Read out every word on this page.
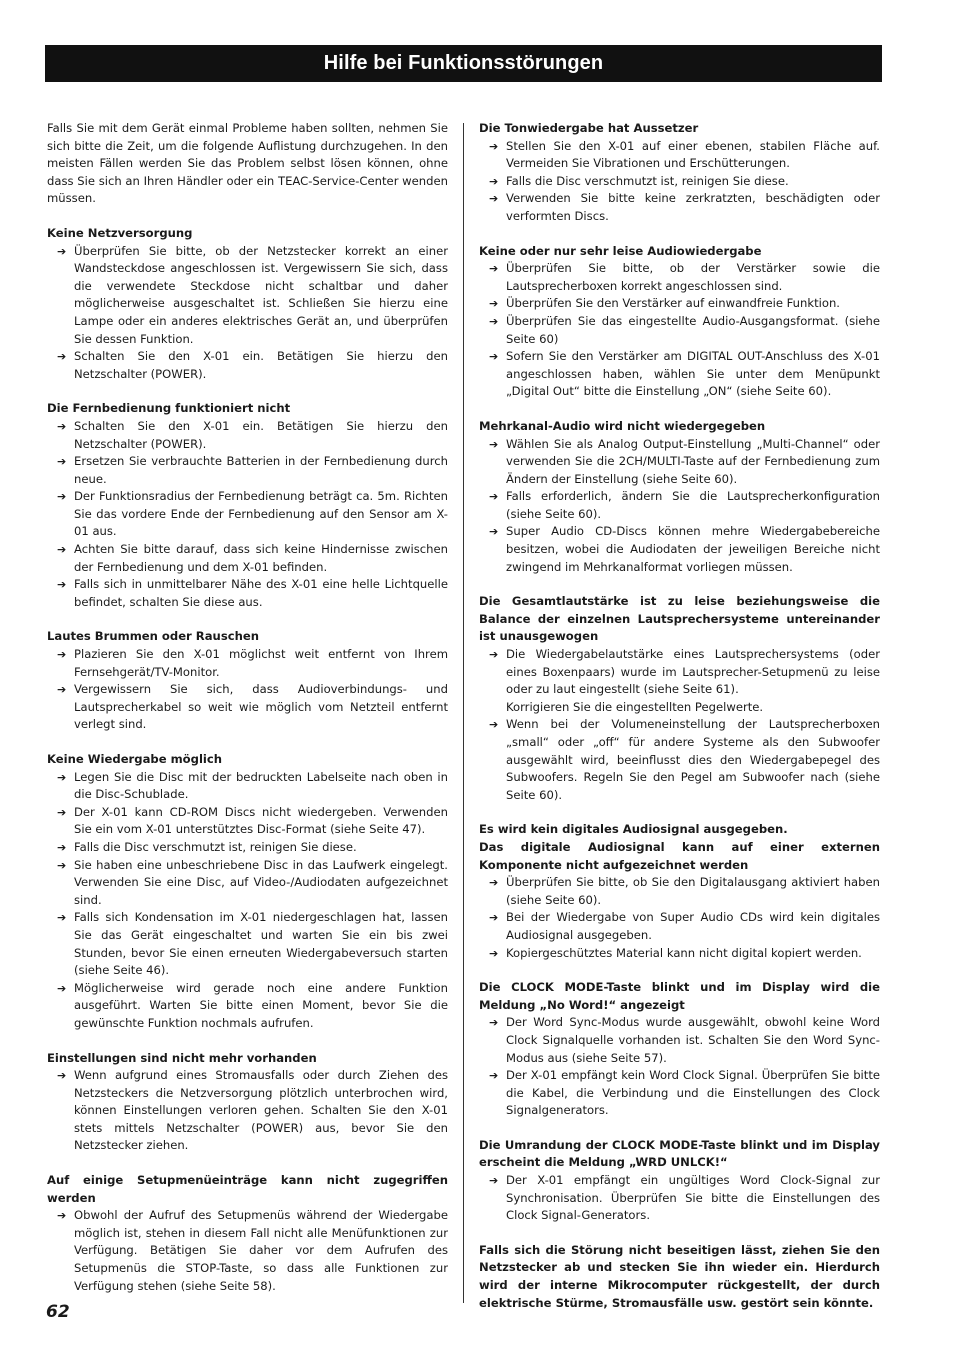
Hilfe bei Funktionsstörungen

Falls Sie mit dem Gerät einmal Probleme haben sollten, nehmen Sie sich bitte die Zeit, um die folgende Auflistung durchzugehen. In den meisten Fällen werden Sie das Problem selbst lösen können, ohne dass Sie sich an Ihren Händler oder ein TEAC-Service-Center wenden müssen.

Keine Netzversorgung

➔ Überprüfen Sie bitte, ob der Netzstecker korrekt an einer Wandsteckdose angeschlossen ist. Vergewissern Sie sich, dass die verwendete Steckdose nicht schaltbar und daher möglicherweise ausgeschaltet ist. Schließen Sie hierzu eine Lampe oder ein anderes elektrisches Gerät an, und überprüfen Sie dessen Funktion.
➔ Schalten Sie den X-01 ein. Betätigen Sie hierzu den Netzschalter (POWER).

Die Fernbedienung funktioniert nicht

➔ Schalten Sie den X-01 ein. Betätigen Sie hierzu den Netzschalter (POWER).
➔ Ersetzen Sie verbrauchte Batterien in der Fernbedienung durch neue.
➔ Der Funktionsradius der Fernbedienung beträgt ca. 5m. Richten Sie das vordere Ende der Fernbedienung auf den Sensor am X-01 aus.
➔ Achten Sie bitte darauf, dass sich keine Hindernisse zwischen der Fernbedienung und dem X-01 befinden.
➔ Falls sich in unmittelbarer Nähe des X-01 eine helle Lichtquelle befindet, schalten Sie diese aus.

Lautes Brummen oder Rauschen

➔ Plazieren Sie den X-01 möglichst weit entfernt von Ihrem Fernsehgerät/TV-Monitor.
➔ Vergewissern Sie sich, dass Audioverbindungs- und Lautsprecherkabel so weit wie möglich vom Netzteil entfernt verlegt sind.

Keine Wiedergabe möglich

➔ Legen Sie die Disc mit der bedruckten Labelseite nach oben in die Disc-Schublade.
➔ Der X-01 kann CD-ROM Discs nicht wiedergeben. Verwenden Sie ein vom X-01 unterstütztes Disc-Format (siehe Seite 47).
➔ Falls die Disc verschmutzt ist, reinigen Sie diese.
➔ Sie haben eine unbeschriebene Disc in das Laufwerk eingelegt. Verwenden Sie eine Disc, auf Video-/Audiodaten aufgezeichnet sind.
➔ Falls sich Kondensation im X-01 niedergeschlagen hat, lassen Sie das Gerät eingeschaltet und warten Sie ein bis zwei Stunden, bevor Sie einen erneuten Wiedergabeversuch starten (siehe Seite 46).
➔ Möglicherweise wird gerade noch eine andere Funktion ausgeführt. Warten Sie bitte einen Moment, bevor Sie die gewünschte Funktion nochmals aufrufen.

Einstellungen sind nicht mehr vorhanden

➔ Wenn aufgrund eines Stromausfalls oder durch Ziehen des Netzsteckers die Netzversorgung plötzlich unterbrochen wird, können Einstellungen verloren gehen. Schalten Sie den X-01 stets mittels Netzschalter (POWER) aus, bevor Sie den Netzstecker ziehen.

Auf einige Setupmenüeinträge kann nicht zugegriffen werden

➔ Obwohl der Aufruf des Setupmenüs während der Wiedergabe möglich ist, stehen in diesem Fall nicht alle Menüfunktionen zur Verfügung. Betätigen Sie daher vor dem Aufrufen des Setupmenüs die STOP-Taste, so dass alle Funktionen zur Verfügung stehen (siehe Seite 58).

Die Tonwiedergabe hat Aussetzer

➔ Stellen Sie den X-01 auf einer ebenen, stabilen Fläche auf. Vermeiden Sie Vibrationen und Erschütterungen.
➔ Falls die Disc verschmutzt ist, reinigen Sie diese.
➔ Verwenden Sie bitte keine zerkratzten, beschädigten oder verformten Discs.

Keine oder nur sehr leise Audiowiedergabe

➔ Überprüfen Sie bitte, ob der Verstärker sowie die Lautsprecherboxen korrekt angeschlossen sind.
➔ Überprüfen Sie den Verstärker auf einwandfreie Funktion.
➔ Überprüfen Sie das eingestellte Audio-Ausgangsformat. (siehe Seite 60)
➔ Sofern Sie den Verstärker am DIGITAL OUT-Anschluss des X-01 angeschlossen haben, wählen Sie unter dem Menüpunkt „Digital Out“ bitte die Einstellung „ON“ (siehe Seite 60).

Mehrkanal-Audio wird nicht wiedergegeben

➔ Wählen Sie als Analog Output-Einstellung „Multi-Channel“ oder verwenden Sie die 2CH/MULTI-Taste auf der Fernbedienung zum Ändern der Einstellung (siehe Seite 60).
➔ Falls erforderlich, ändern Sie die Lautsprecherkonfiguration (siehe Seite 60).
➔ Super Audio CD-Discs können mehre Wiedergabebereiche besitzen, wobei die Audiodaten der jeweiligen Bereiche nicht zwingend im Mehrkanalformat vorliegen müssen.

Die Gesamtlautstärke ist zu leise beziehungsweise die Balance der einzelnen Lautsprechersysteme untereinander ist unausgewogen

➔ Die Wiedergabelautstärke eines Lautsprechersystems (oder eines Boxenpaars) wurde im Lautsprecher-Setupmenü zu leise oder zu laut eingestellt (siehe Seite 61).
Korrigieren Sie die eingestellten Pegelwerte.
➔ Wenn bei der Volumeneinstellung der Lautsprecherboxen „small“ oder „off“ für andere Systeme als den Subwoofer ausgewählt wird, beeinflusst dies den Wiedergabepegel des Subwoofers. Regeln Sie den Pegel am Subwoofer nach (siehe Seite 60).

Es wird kein digitales Audiosignal ausgegeben.
Das digitale Audiosignal kann auf einer externen Komponente nicht aufgezeichnet werden

➔ Überprüfen Sie bitte, ob Sie den Digitalausgang aktiviert haben (siehe Seite 60).
➔ Bei der Wiedergabe von Super Audio CDs wird kein digitales Audiosignal ausgegeben.
➔ Kopiergeschütztes Material kann nicht digital kopiert werden.

Die CLOCK MODE-Taste blinkt und im Display wird die Meldung „No Word!“ angezeigt

➔ Der Word Sync-Modus wurde ausgewählt, obwohl keine Word Clock Signalquelle vorhanden ist. Schalten Sie den Word Sync-Modus aus (siehe Seite 57).
➔ Der X-01 empfängt kein Word Clock Signal. Überprüfen Sie bitte die Kabel, die Verbindung und die Einstellungen des Clock Signalgenerators.

Die Umrandung der CLOCK MODE-Taste blinkt und im Display erscheint die Meldung „WRD UNLCK!“

➔ Der X-01 empfängt ein ungültiges Word Clock-Signal zur Synchronisation. Überprüfen Sie bitte die Einstellungen des Clock Signal-Generators.

Falls sich die Störung nicht beseitigen lässt, ziehen Sie den Netzstecker ab und stecken Sie ihn wieder ein. Hierdurch wird der interne Mikrocomputer rückgestellt, der durch elektrische Stürme, Stromausfälle usw. gestört sein könnte.

62
